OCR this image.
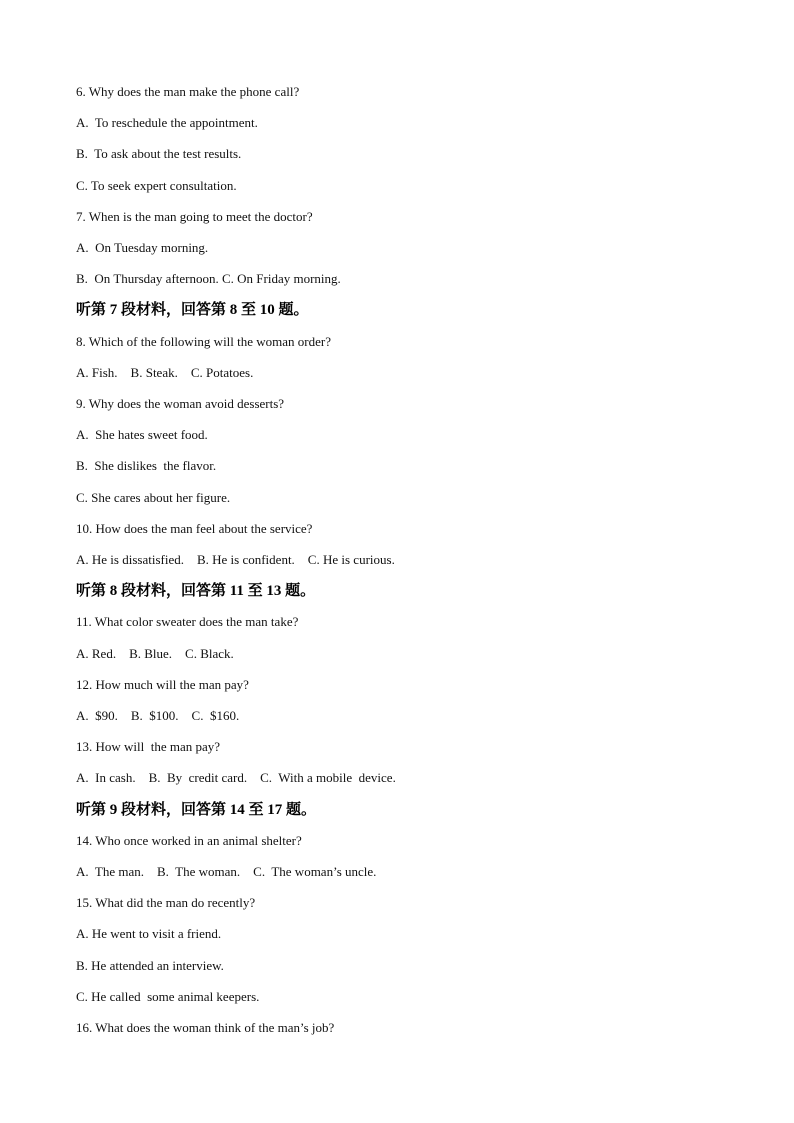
6. Why does the man make the phone call?
A.  To reschedule the appointment.
B.  To ask about the test results.
C. To seek expert consultation.
7. When is the man going to meet the doctor?
A.  On Tuesday morning.
B.  On Thursday afternoon. C. On Friday morning.
听第 7 段材料，回答第 8 至 10 题。
8. Which of the following will the woman order?
A. Fish.    B. Steak.    C. Potatoes.
9. Why does the woman avoid desserts?
A.  She hates sweet food.
B.  She dislikes  the flavor.
C. She cares about her figure.
10. How does the man feel about the service?
A. He is dissatisfied.    B. He is confident.    C. He is curious.
听第 8 段材料，回答第 11 至 13 题。
11. What color sweater does the man take?
A. Red.    B. Blue.    C. Black.
12. How much will the man pay?
A.  $90.    B.  $100.    C.  $160.
13. How will  the man pay?
A.  In cash.    B.  By  credit card.    C.  With a mobile  device.
听第 9 段材料，回答第 14 至 17 题。
14. Who once worked in an animal shelter?
A.  The man.    B.  The woman.    C.  The woman’s uncle.
15. What did the man do recently?
A. He went to visit a friend.
B. He attended an interview.
C. He called  some animal keepers.
16. What does the woman think of the man’s job?
